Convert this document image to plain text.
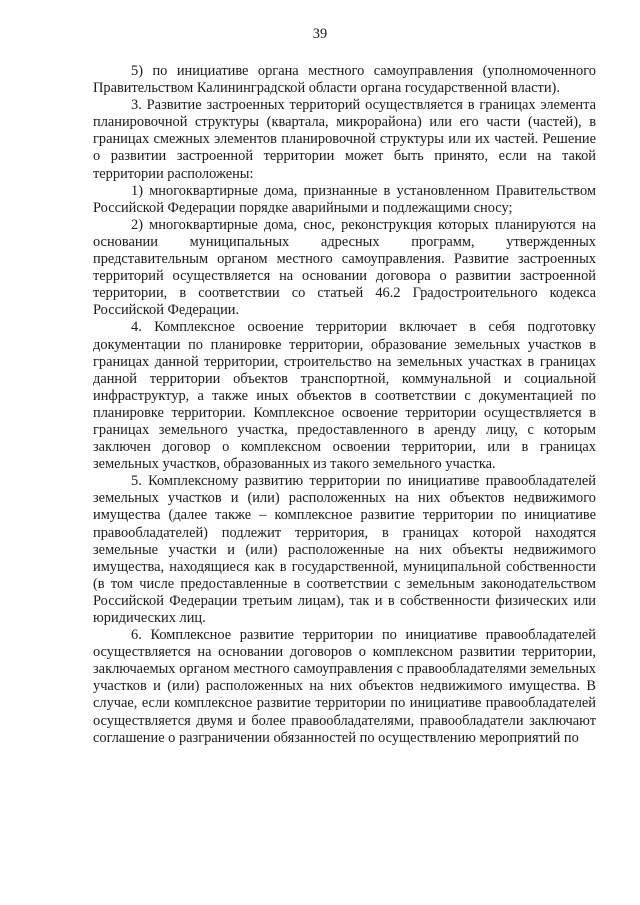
39

5) по инициативе органа местного самоуправления (уполномоченного Правительством Калининградской области органа государственной власти).

3. Развитие застроенных территорий осуществляется в границах элемента планировочной структуры (квартала, микрорайона) или его части (частей), в границах смежных элементов планировочной структуры или их частей. Решение о развитии застроенной территории может быть принято, если на такой территории расположены:

1) многоквартирные дома, признанные в установленном Правительством Российской Федерации порядке аварийными и подлежащими сносу;

2) многоквартирные дома, снос, реконструкция которых планируются на основании муниципальных адресных программ, утвержденных представительным органом местного самоуправления. Развитие застроенных территорий осуществляется на основании договора о развитии застроенной территории, в соответствии со статьей 46.2 Градостроительного кодекса Российской Федерации.

4. Комплексное освоение территории включает в себя подготовку документации по планировке территории, образование земельных участков в границах данной территории, строительство на земельных участках в границах данной территории объектов транспортной, коммунальной и социальной инфраструктур, а также иных объектов в соответствии с документацией по планировке территории. Комплексное освоение территории осуществляется в границах земельного участка, предоставленного в аренду лицу, с которым заключен договор о комплексном освоении территории, или в границах земельных участков, образованных из такого земельного участка.

5. Комплексному развитию территории по инициативе правообладателей земельных участков и (или) расположенных на них объектов недвижимого имущества (далее также – комплексное развитие территории по инициативе правообладателей) подлежит территория, в границах которой находятся земельные участки и (или) расположенные на них объекты недвижимого имущества, находящиеся как в государственной, муниципальной собственности (в том числе предоставленные в соответствии с земельным законодательством Российской Федерации третьим лицам), так и в собственности физических или юридических лиц.

6. Комплексное развитие территории по инициативе правообладателей осуществляется на основании договоров о комплексном развитии территории, заключаемых органом местного самоуправления с правообладателями земельных участков и (или) расположенных на них объектов недвижимого имущества. В случае, если комплексное развитие территории по инициативе правообладателей осуществляется двумя и более правообладателями, правообладатели заключают соглашение о разграничении обязанностей по осуществлению мероприятий по
